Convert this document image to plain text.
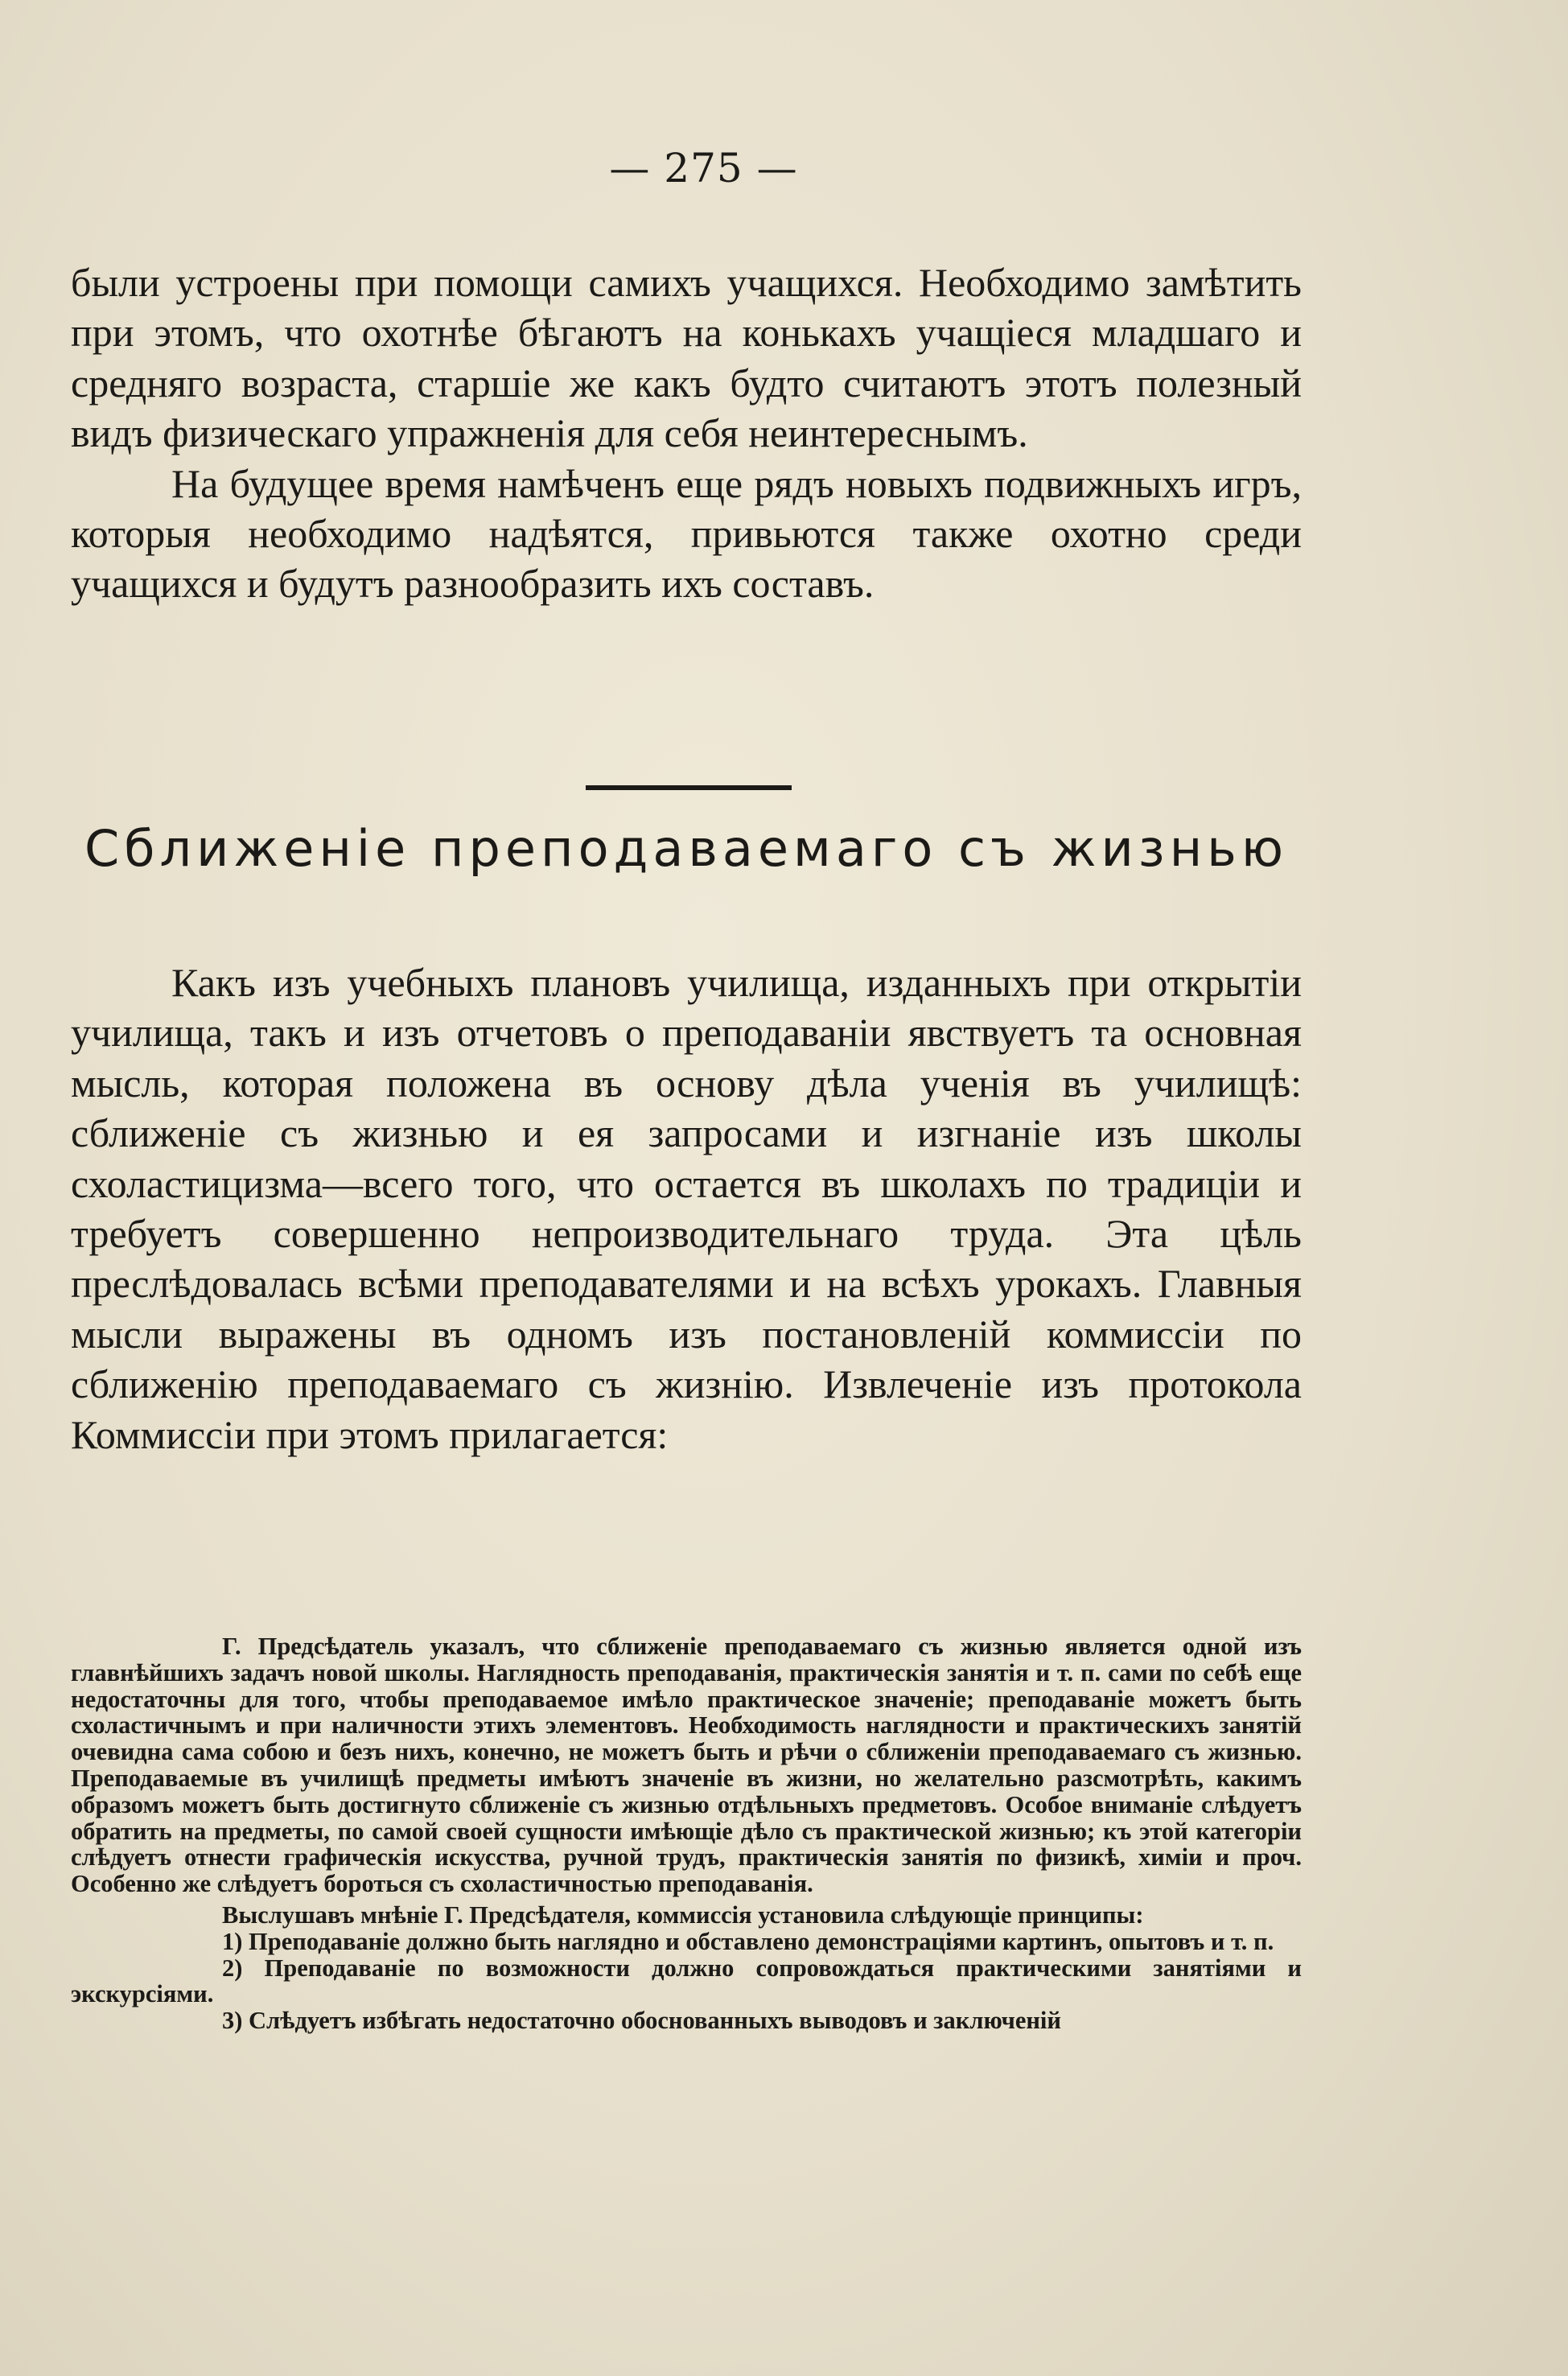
— 275 —

были устроены при помощи самихъ учащихся. Необходимо замѣтить при этомъ, что охотнѣе бѣгаютъ на конькахъ учащіеся младшаго и средняго возраста, старшіе же какъ будто считаютъ этотъ полезный видъ физическаго упражненія для себя неинтереснымъ.

На будущее время намѣченъ еще рядъ новыхъ подвижныхъ игръ, которыя необходимо надѣятся, привьются также охотно среди учащихся и будутъ разнообразить ихъ составъ.

Сближеніе преподаваемаго съ жизнью

Какъ изъ учебныхъ плановъ училища, изданныхъ при открытіи училища, такъ и изъ отчетовъ о преподаваніи явствуетъ та основная мысль, которая положена въ основу дѣла ученія въ училищѣ: сближеніе съ жизнью и ея запросами и изгнаніе изъ школы схоластицизма—всего того, что остается въ школахъ по традиціи и требуетъ совершенно непроизводительнаго труда. Эта цѣль преслѣдовалась всѣми преподавателями и на всѣхъ урокахъ. Главныя мысли выражены въ одномъ изъ постановленій коммиссіи по сближенію преподаваемаго съ жизнію. Извлеченіе изъ протокола Коммиссіи при этомъ прилагается:

Г. Предсѣдатель указалъ, что сближеніе преподаваемаго съ жизнью является одной изъ главнѣйшихъ задачъ новой школы. Наглядность преподаванія, практическія занятія и т. п. сами по себѣ еще недостаточны для того, чтобы преподаваемое имѣло практическое значеніе; преподаваніе можетъ быть схоластичнымъ и при наличности этихъ элементовъ. Необходимость наглядности и практическихъ занятій очевидна сама собою и безъ нихъ, конечно, не можетъ быть и рѣчи о сближеніи преподаваемаго съ жизнью. Преподаваемые въ училищѣ предметы имѣютъ значеніе въ жизни, но желательно разсмотрѣть, какимъ образомъ можетъ быть достигнуто сближеніе съ жизнью отдѣльныхъ предметовъ. Особое вниманіе слѣдуетъ обратить на предметы, по самой своей сущности имѣющіе дѣло съ практической жизнью; къ этой категоріи слѣдуетъ отнести графическія искусства, ручной трудъ, практическія занятія по физикѣ, химіи и проч. Особенно же слѣдуетъ бороться съ схоластичностью преподаванія.

Выслушавъ мнѣніе Г. Предсѣдателя, коммиссія установила слѣдующіе принципы:

1) Преподаваніе должно быть наглядно и обставлено демонстраціями картинъ, опытовъ и т. п.

2) Преподаваніе по возможности должно сопровождаться практическими занятіями и экскурсіями.

3) Слѣдуетъ избѣгать недостаточно обоснованныхъ выводовъ и заключеній
